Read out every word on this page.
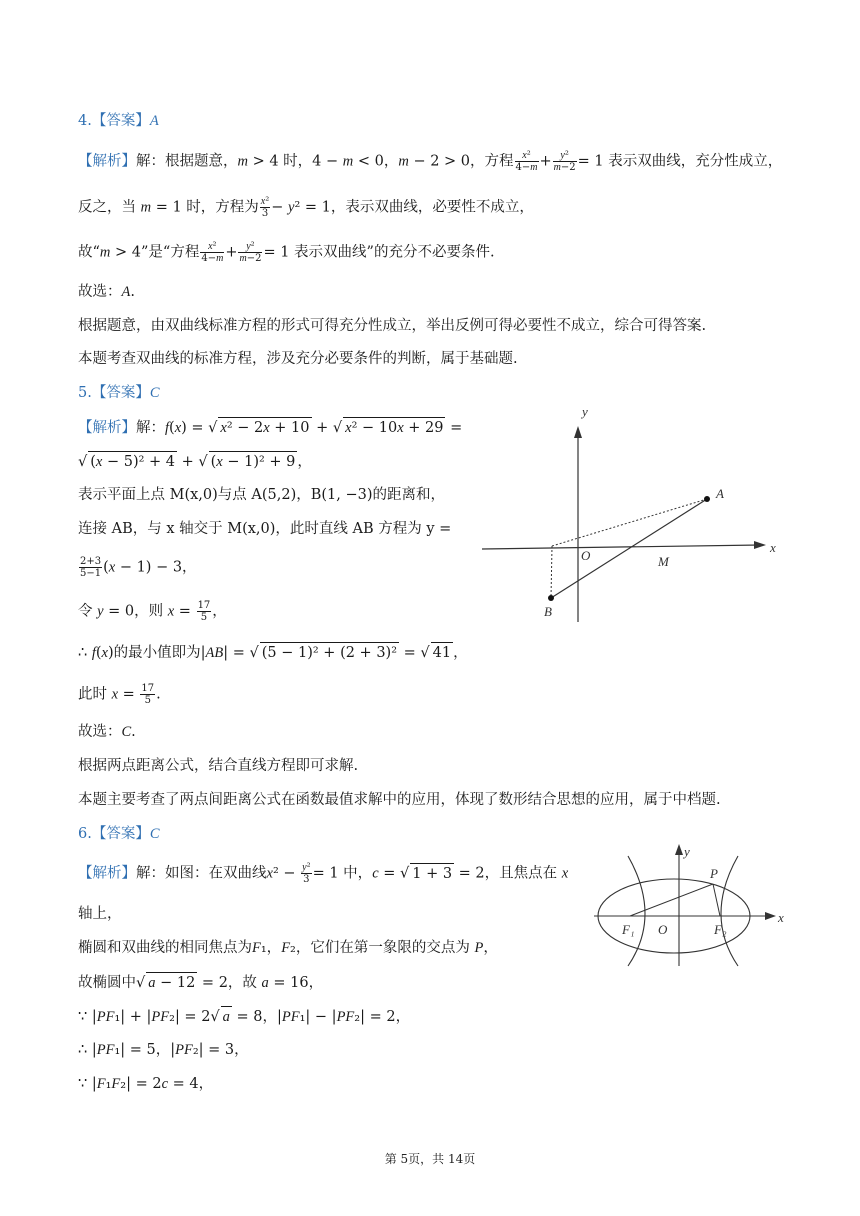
4.【答案】A
【解析】解：根据题意，m > 4 时，4 − m < 0，m − 2 > 0，方程 $\frac{\text{x²}}{4-m} + \frac{\text{y²}}{m-2} = 1$ 表示双曲线，充分性成立，
反之，当 m = 1 时，方程为 $\frac{\text{x²}}{3} - y^2 = 1$，表示双曲线，必要性不成立，
故“m > 4”是“方程 $\frac{\text{x²}}{4-m} + \frac{\text{y²}}{m-2} = 1$ 表示双曲线”的充分不必要条件.
故选：A.
根据题意，由双曲线标准方程的形式可得充分性成立，举出反例可得必要性不成立，综合可得答案.
本题考查双曲线的标准方程，涉及充分必要条件的判断，属于基础题.
5.【答案】C
【解析】解：f(x) = √ x² − 2x + 10 + √ x² − 10x + 29 =
√ (x − 5)² + 4 + √ (x − 1)² + 9 ，
表示平面上点 M(x,0)与点 A(5,2)，B(1, −3)的距离和，
连接 AB，与 x 轴交于 M(x,0)，此时直线 AB 方程为 y =
$\frac{2+3}{5-1} (x - 1) - 3$，
令 y = 0，则 $x = \frac{17}{5}$ ，
∴ f(x)的最小值即为|AB| = √ (5 − 1)² + (2 + 3)² = √ 41 ，
此时 $x = \frac{17}{5}$ .
故选：C.
根据两点距离公式，结合直线方程即可求解.
本题主要考查了两点间距离公式在函数最值求解中的应用，体现了数形结合思想的应用，属于中档题.
6.【答案】C
【解析】解：如图：在双曲线$x^2 - \frac{\text{y²}}{3} = 1$ 中，c = √ 1 + 3 = 2，且焦点在 x
轴上，
椭圆和双曲线的相同焦点为F₁，F₂，它们在第一象限的交点为 P，
故椭圆中√ a − 12 = 2，故 a = 16，
∵ |PF₁| + |PF₂| = 2√ a = 8，|PF₁| − |PF₂| = 2，
∴ |PF₁| = 5，|PF₂| = 3，
∵ |F₁F₂| = 2c = 4，
y
x
A
B
O	M
y
x
P
F₁ O	F₂
第 5页，共 14页
